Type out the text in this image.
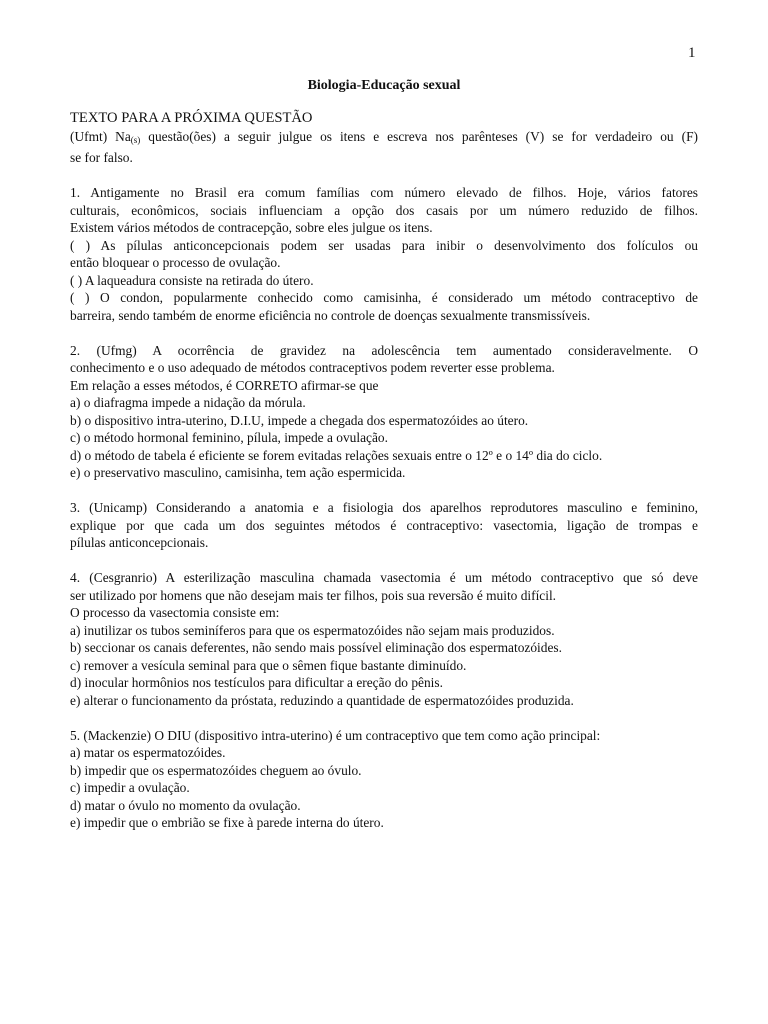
1
Biologia-Educação sexual
TEXTO PARA A PRÓXIMA QUESTÃO
(Ufmt) $Na_{(s)}$ questão(ões) a seguir julgue os itens e escreva nos parênteses (V) se for verdadeiro ou (F)
se for falso.
1. Antigamente no Brasil era comum famílias com número elevado de filhos. Hoje, vários fatores
culturais, econômicos, sociais influenciam a opção dos casais por um número reduzido de filhos.
Existem vários métodos de contracepção, sobre eles julgue os itens.
( ) As pílulas anticoncepcionais podem ser usadas para inibir o desenvolvimento dos folículos ou
então bloquear o processo de ovulação.
( ) A laqueadura consiste na retirada do útero.
( ) O condon, popularmente conhecido como camisinha, é considerado um método contraceptivo de
barreira, sendo também de enorme eficiência no controle de doenças sexualmente transmissíveis.
2. (Ufmg) A ocorrência de gravidez na adolescência tem aumentado consideravelmente. O
conhecimento e o uso adequado de métodos contraceptivos podem reverter esse problema.
Em relação a esses métodos, é CORRETO afirmar-se que
a) o diafragma impede a nidação da mórula.
b) o dispositivo intra-uterino, D.I.U, impede a chegada dos espermatozóides ao útero.
c) o método hormonal feminino, pílula, impede a ovulação.
d) o método de tabela é eficiente se forem evitadas relações sexuais entre o 12º e o 14º dia do ciclo.
e) o preservativo masculino, camisinha, tem ação espermicida.
3. (Unicamp) Considerando a anatomia e a fisiologia dos aparelhos reprodutores masculino e feminino,
explique por que cada um dos seguintes métodos é contraceptivo: vasectomia, ligação de trompas e
pílulas anticoncepcionais.
4. (Cesgranrio) A esterilização masculina chamada vasectomia é um método contraceptivo que só deve
ser utilizado por homens que não desejam mais ter filhos, pois sua reversão é muito difícil.
O processo da vasectomia consiste em:
a) inutilizar os tubos seminíferos para que os espermatozóides não sejam mais produzidos.
b) seccionar os canais deferentes, não sendo mais possível eliminação dos espermatozóides.
c) remover a vesícula seminal para que o sêmen fique bastante diminuído.
d) inocular hormônios nos testículos para dificultar a ereção do pênis.
e) alterar o funcionamento da próstata, reduzindo a quantidade de espermatozóides produzida.
5. (Mackenzie) O DIU (dispositivo intra-uterino) é um contraceptivo que tem como ação principal:
a) matar os espermatozóides.
b) impedir que os espermatozóides cheguem ao óvulo.
c) impedir a ovulação.
d) matar o óvulo no momento da ovulação.
e) impedir que o embrião se fixe à parede interna do útero.
